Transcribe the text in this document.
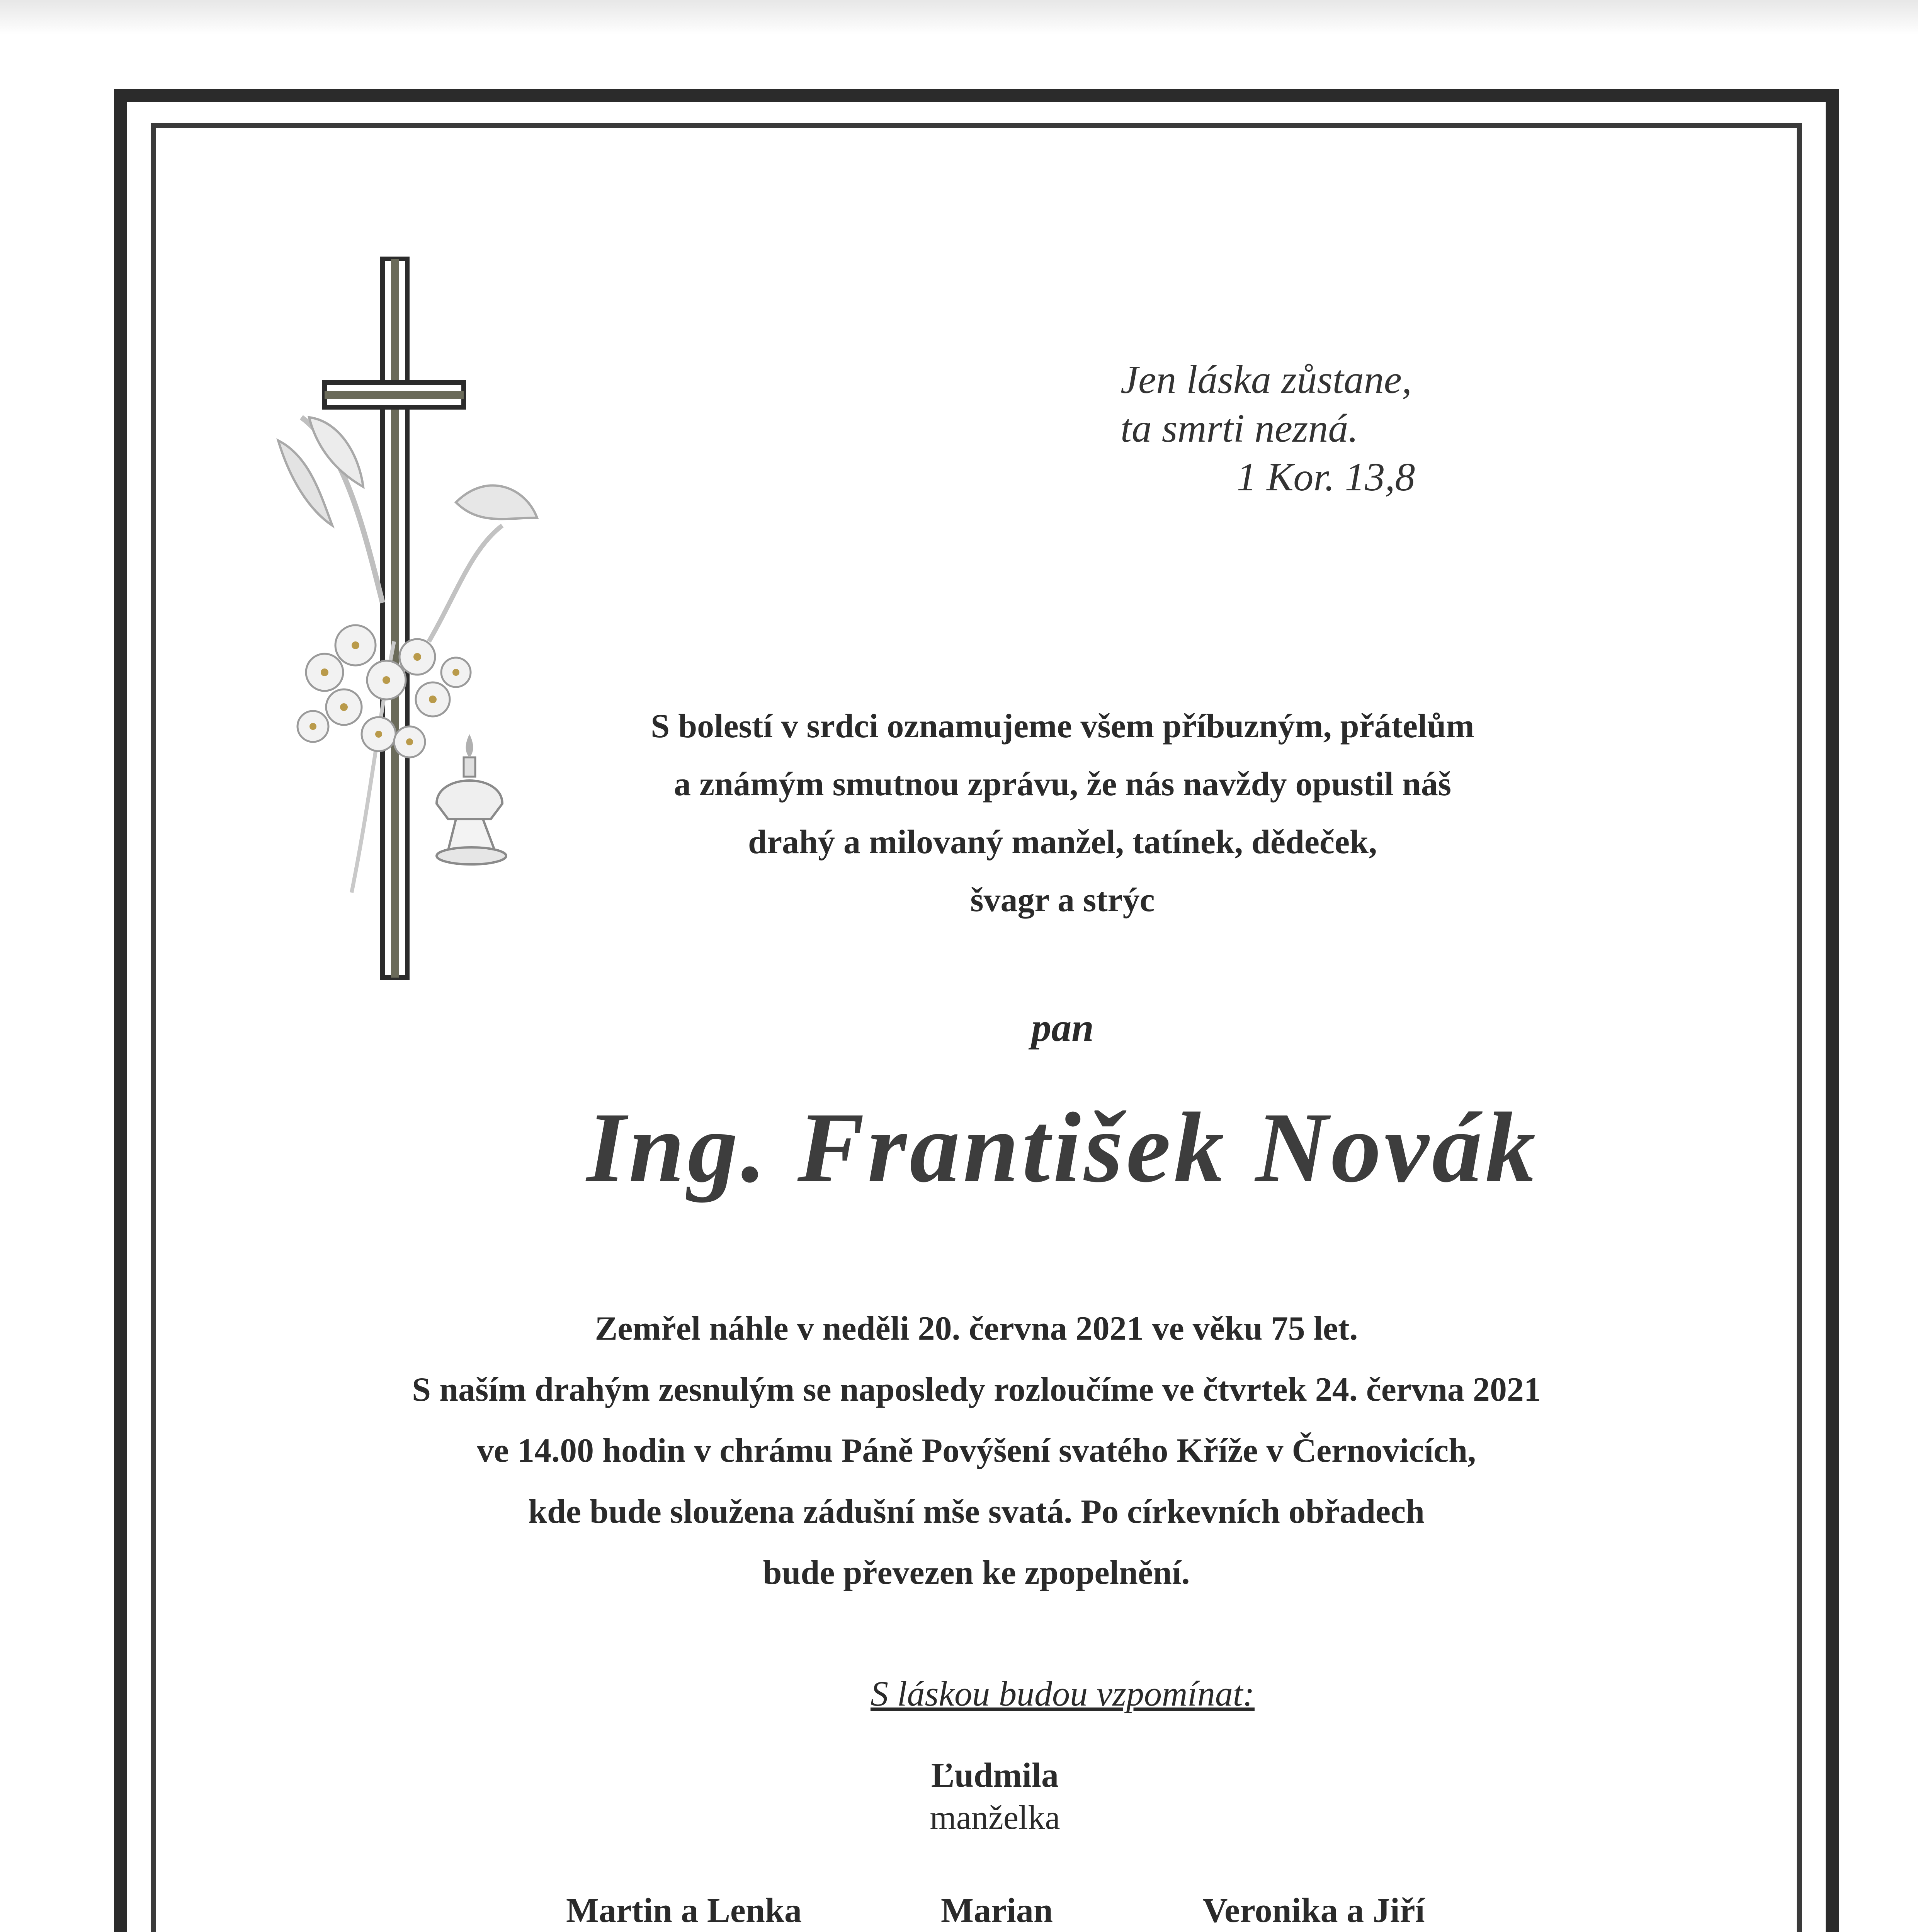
Jen láska zůstane,
ta smrti nezná.
1 Kor. 13,8
S bolestí v srdci oznamujeme všem příbuzným, přátelům
a známým smutnou zprávu, že nás navždy opustil náš
drahý a milovaný manžel, tatínek, dědeček,
švagr a strýc
pan
Ing. František Novák
Zemřel náhle v neděli 20. června 2021 ve věku 75 let.
S naším drahým zesnulým se naposledy rozloučíme ve čtvrtek 24. června 2021
ve 14.00 hodin v chrámu Páně Povýšení svatého Kříže v Černovicích,
kde bude sloužena zádušní mše svatá. Po církevních obřadech
bude převezen ke zpopelnění.
S láskou budou vzpomínat:
Ľudmila
manželka
Martin a Lenka	Marian	Veronika a Jiří
